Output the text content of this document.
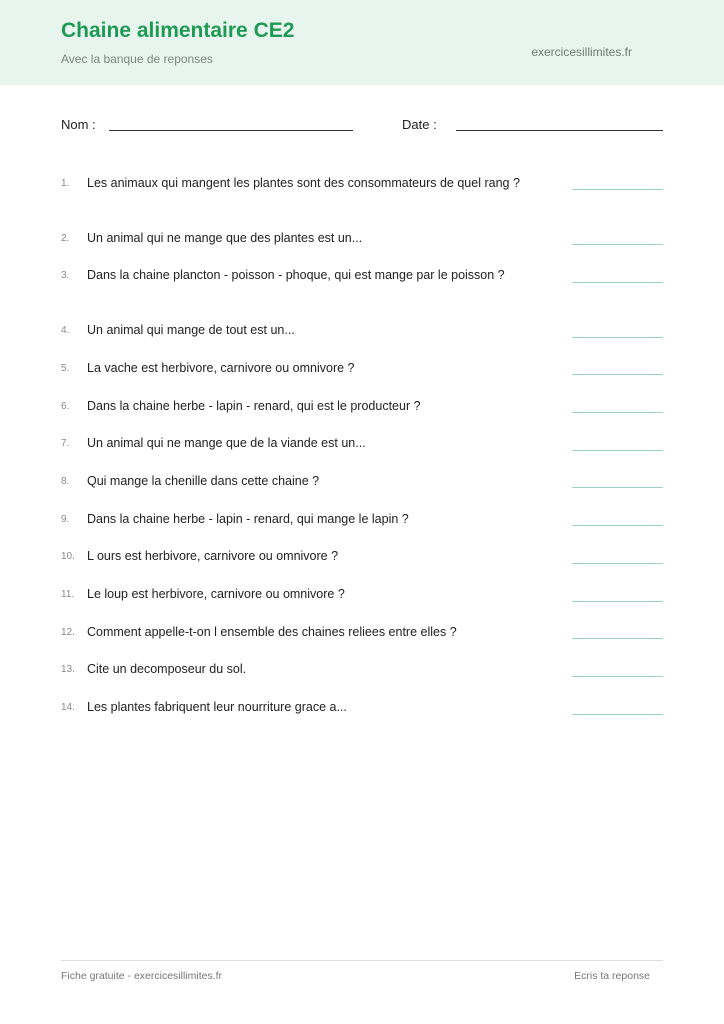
Chaine alimentaire CE2
Avec la banque de reponses	exercicesillimites.fr
Nom :	Date :
1.	Les animaux qui mangent les plantes sont des consommateurs de quel rang ?
2.	Un animal qui ne mange que des plantes est un...
3.	Dans la chaine plancton - poisson - phoque, qui est mange par le poisson ?
4.	Un animal qui mange de tout est un...
5.	La vache est herbivore, carnivore ou omnivore ?
6.	Dans la chaine herbe - lapin - renard, qui est le producteur ?
7.	Un animal qui ne mange que de la viande est un...
8.	Qui mange la chenille dans cette chaine ?
9.	Dans la chaine herbe - lapin - renard, qui mange le lapin ?
10. L ours est herbivore, carnivore ou omnivore ?
11.	Le loup est herbivore, carnivore ou omnivore ?
12. Comment appelle-t-on l ensemble des chaines reliees entre elles ?
13. Cite un decomposeur du sol.
14. Les plantes fabriquent leur nourriture grace a...
Fiche gratuite - exercicesillimites.fr	Ecris ta reponse
